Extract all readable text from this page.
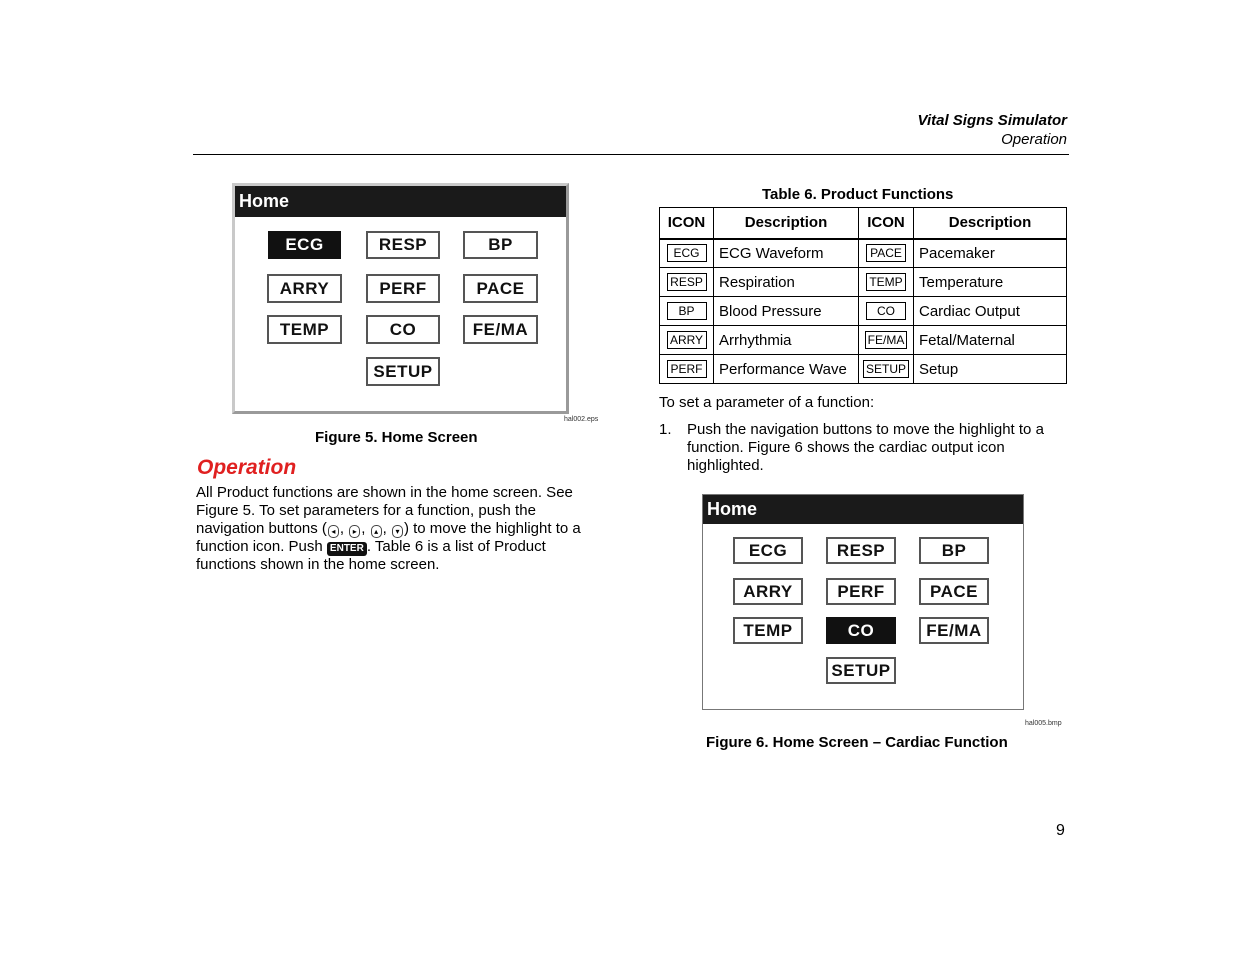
Vital Signs Simulator
Operation
Home
ECG	RESP	BP
ARRY	PERF	PACE
TEMP	CO	FE/MA
SETUP
hal002.eps
Figure 5. Home Screen
Operation
All Product functions are shown in the home screen. See
Figure 5. To set parameters for a function, push the
navigation buttons ( ◂ , ▸ , ▴ , ▾ ) to move the highlight to a
function icon. Push ENTER . Table 6 is a list of Product
functions shown in the home screen.
Table 6. Product Functions
ICON	Description	ICON	Description
ECG	ECG Waveform	PACE	Pacemaker
RESP	Respiration	TEMP	Temperature
BP	Blood Pressure	CO	Cardiac Output
ARRY	Arrhythmia	FE/MA	Fetal/Maternal
PERF	Performance Wave	SETUP	Setup
To set a parameter of a function:
1. Push the navigation buttons to move the highlight to a
function. Figure 6 shows the cardiac output icon
highlighted.
Home
ECG	RESP	BP
ARRY	PERF	PACE
TEMP	CO	FE/MA
SETUP
hal005.bmp
Figure 6. Home Screen – Cardiac Function
9
